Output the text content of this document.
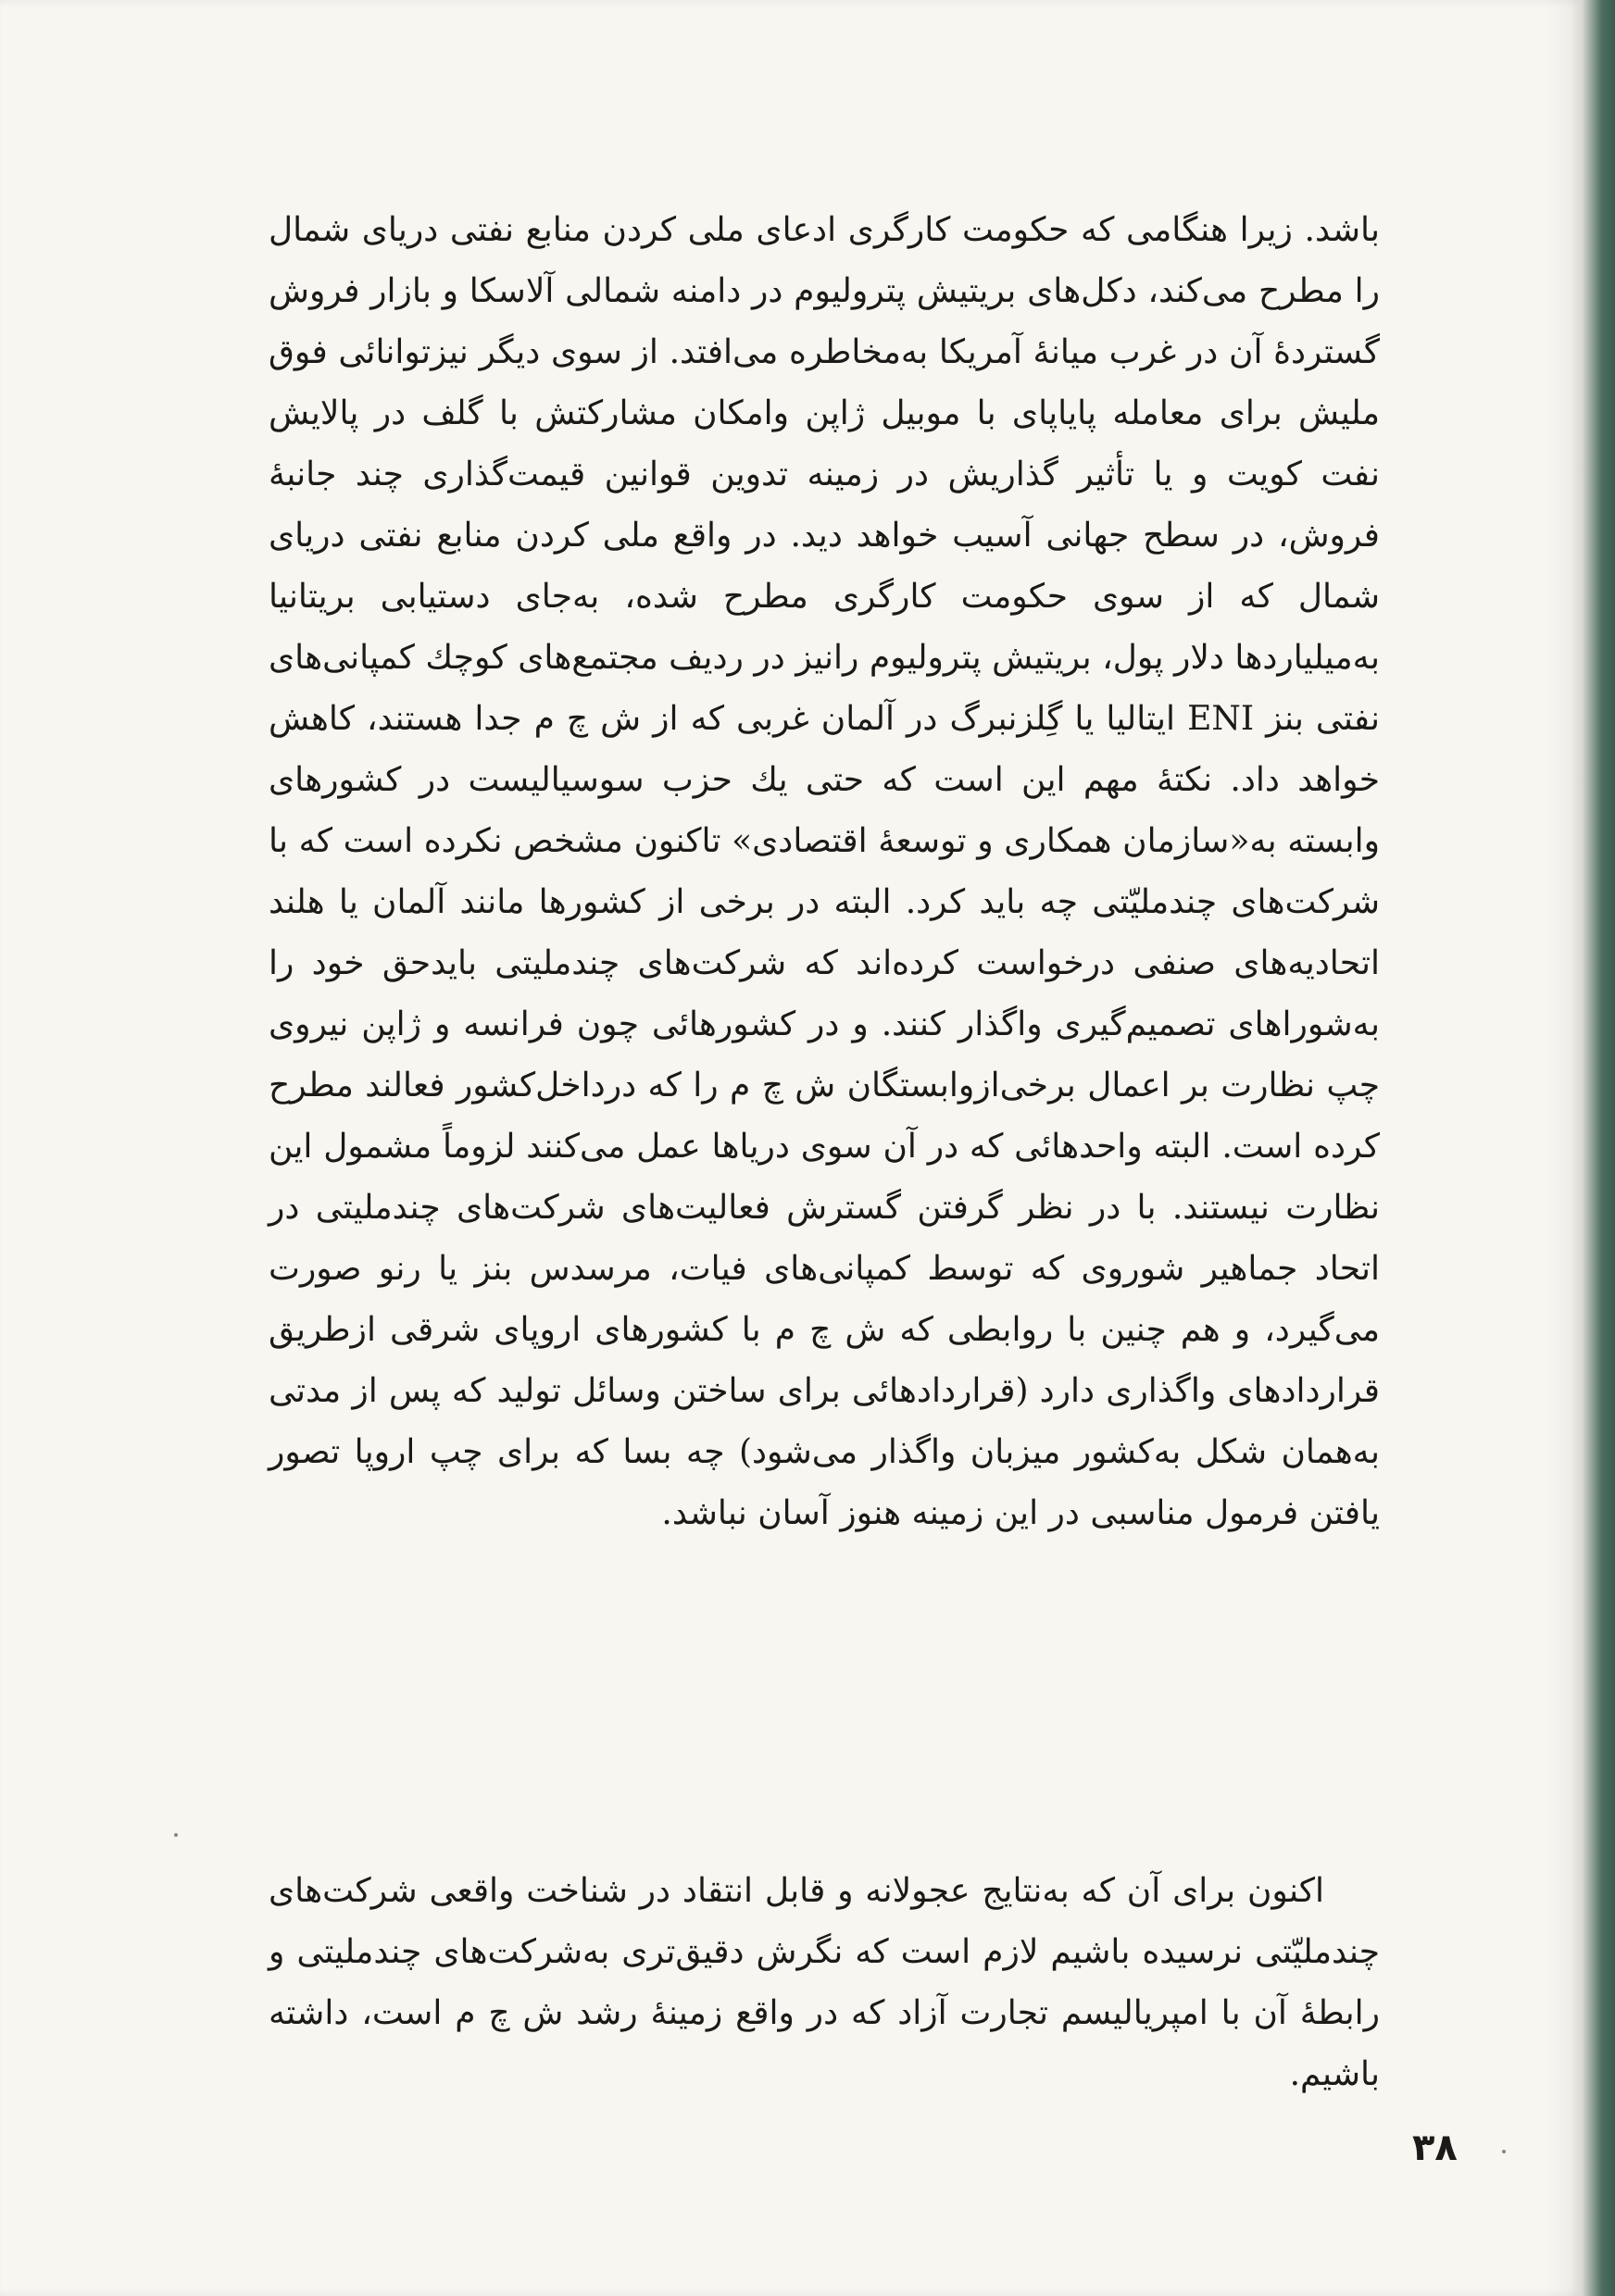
باشد. زیرا هنگامی که حکومت کارگری ادعای ملی کردن منابع نفتی دریای شمال را مطرح می‌کند، دکل‌های بریتیش پترولیوم در دامنه شمالی آلاسکا و بازار فروش گستردهٔ آن در غرب میانهٔ آمریکا به‌مخاطره می‌افتد. از سوی دیگر نیزتوانائی فوق ملیش برای معامله پایاپای با موبیل ژاپن وامکان مشارکتش با گلف در پالایش نفت کویت و یا تأثیر گذاریش در زمینه تدوین قوانین قیمت‌گذاری چند جانبهٔ فروش، در سطح جهانی آسیب خواهد دید. در واقع ملی کردن منابع نفتی دریای شمال که از سوی حکومت کارگری مطرح شده، به‌جای دستیابی بریتانیا به‌میلیاردها دلار پول، بریتیش پترولیوم رانیز در ردیف مجتمع‌های کوچك کمپانی‌های نفتی بنز ENI ایتالیا یا گِلزنبرگ در آلمان غربی که از ش چ م جدا هستند، کاهش خواهد داد. نکتهٔ مهم این است که حتی یك حزب سوسیالیست در کشورهای وابسته به«سازمان همکاری و توسعهٔ اقتصادی» تاکنون مشخص نکرده است که با شرکت‌های چندملیّتی چه باید کرد. البته در برخی از کشورها مانند آلمان یا هلند اتحادیه‌های صنفی درخواست کرده‌اند که شرکت‌های چندملیتی بایدحق خود را به‌شوراهای تصمیم‌گیری واگذار کنند. و در کشورهائی چون فرانسه و ژاپن نیروی چپ نظارت بر اعمال برخی‌ازوابستگان ش چ م را که درداخل‌کشور فعالند مطرح کرده است. البته واحدهائی که در آن سوی دریاها عمل می‌کنند لزوماً مشمول این نظارت نیستند. با در نظر گرفتن گسترش فعالیت‌های شرکت‌های چندملیتی در اتحاد جماهیر شوروی که توسط کمپانی‌های فیات، مرسدس بنز یا رنو صورت می‌گیرد، و هم چنین با روابطی که ش چ م با کشورهای اروپای شرقی ازطریق قراردادهای واگذاری دارد (قراردادهائی برای ساختن وسائل تولید که پس از مدتی به‌همان شکل به‌کشور میزبان واگذار می‌شود) چه بسا که برای چپ اروپا تصور یافتن فرمول مناسبی در این زمینه هنوز آسان نباشد.

اکنون برای آن که به‌نتایج عجولانه و قابل انتقاد در شناخت واقعی شرکت‌های چندملیّتی نرسیده باشیم لازم است که نگرش دقیق‌تری به‌شرکت‌های چندملیتی و رابطهٔ آن با امپریالیسم تجارت آزاد که در واقع زمینهٔ رشد ش چ م است، داشته باشیم.

۳۸
